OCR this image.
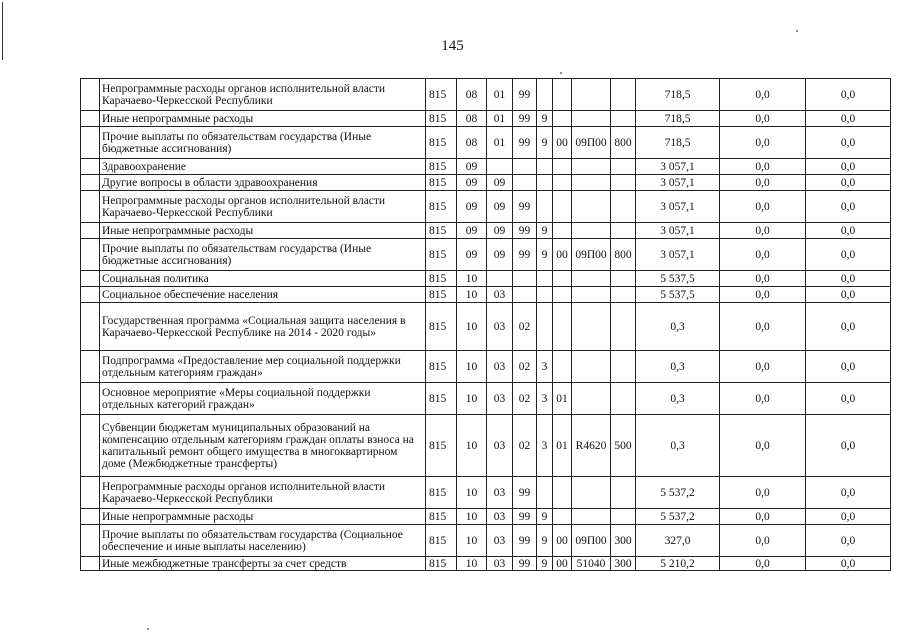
145
	Непрограммные расходы органов исполнительной власти Карачаево-Черкесской Республики	815	08	01	99					718,5	0,0	0,0
	Иные непрограммные расходы	815	08	01	99	9				718,5	0,0	0,0
	Прочие выплаты по обязательствам государства (Иные бюджетные ассигнования)	815	08	01	99	9	00	09П00	800	718,5	0,0	0,0
	Здравоохранение	815	09							3 057,1	0,0	0,0
	Другие вопросы в области здравоохранения	815	09	09						3 057,1	0,0	0,0
	Непрограммные расходы органов исполнительной власти Карачаево-Черкесской Республики	815	09	09	99					3 057,1	0,0	0,0
	Иные непрограммные расходы	815	09	09	99	9				3 057,1	0,0	0,0
	Прочие выплаты по обязательствам государства (Иные бюджетные ассигнования)	815	09	09	99	9	00	09П00	800	3 057,1	0,0	0,0
	Социальная политика	815	10							5 537,5	0,0	0,0
	Социальное обеспечение населения	815	10	03						5 537,5	0,0	0,0
	Государственная программа «Социальная защита населения в Карачаево-Черкесской Республике на 2014 - 2020 годы»	815	10	03	02					0,3	0,0	0,0
	Подпрограмма «Предоставление мер социальной поддержки отдельным категориям граждан»	815	10	03	02	3				0,3	0,0	0,0
	Основное мероприятие «Меры социальной поддержки отдельных категорий граждан»	815	10	03	02	3	01			0,3	0,0	0,0
	Субвенции бюджетам муниципальных образований на компенсацию отдельным категориям граждан оплаты взноса на капитальный ремонт общего имущества в многоквартирном доме (Межбюджетные трансферты)	815	10	03	02	3	01	R4620	500	0,3	0,0	0,0
	Непрограммные расходы органов исполнительной власти Карачаево-Черкесской Республики	815	10	03	99					5 537,2	0,0	0,0
	Иные непрограммные расходы	815	10	03	99	9				5 537,2	0,0	0,0
	Прочие выплаты по обязательствам государства (Социальное обеспечение и иные выплаты населению)	815	10	03	99	9	00	09П00	300	327,0	0,0	0,0
	Иные межбюджетные трансферты за счет средств	815	10	03	99	9	00	51040	300	5 210,2	0,0	0,0
